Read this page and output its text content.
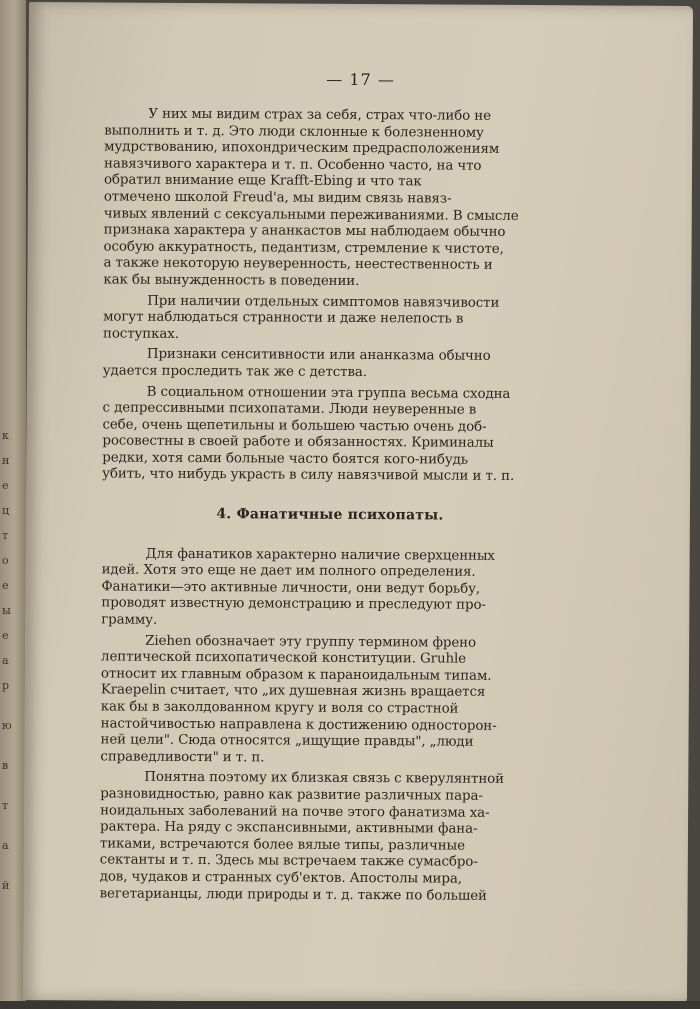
к
н
е
ц
т
о
е
ы
е
а
р
ю
в
т
а
й
— 17 —
У них мы видим страх за себя, страх что-либо не
выполнить и т. д. Это люди склонные к болезненному
мудрствованию, ипохондрическим предрасположениям
навязчивого характера и т. п. Особенно часто, на что
обратил внимание еще Krafft-Ebing и что так
отмечено школой Freud'a, мы видим связь навяз-
чивых явлений с сексуальными переживаниями. В смысле
признака характера у ананкастов мы наблюдаем обычно
особую аккуратность, педантизм, стремление к чистоте,
а также некоторую неуверенность, неестественность и
как бы вынужденность в поведении.
При наличии отдельных симптомов навязчивости
могут наблюдаться странности и даже нелепость в
поступках.
Признаки сенситивности или ананказма обычно
удается проследить так же с детства.
В социальном отношении эта группа весьма сходна
с депрессивными психопатами. Люди неуверенные в
себе, очень щепетильны и большею частью очень доб-
росовестны в своей работе и обязанностях. Криминалы
редки, хотя сами больные часто боятся кого-нибудь
убить, что нибудь украсть в силу навязчивой мысли и т. п.
4. Фанатичные психопаты.
Для фанатиков характерно наличие сверхценных
идей. Хотя это еще не дает им полного определения.
Фанатики—это активные личности, они ведут борьбу,
проводят известную демонстрацию и преследуют про-
грамму.
Ziehen обозначает эту группу термином френо
лептической психопатической конституции. Gruhle
относит их главным образом к параноидальным типам.
Kraepelin считает, что „их душевная жизнь вращается
как бы в заколдованном кругу и воля со страстной
настойчивостью направлена к достижению односторон-
ней цели". Сюда относятся „ищущие правды", „люди
справедливости" и т. п.
Понятна поэтому их близкая связь с кверулянтной
разновидностью, равно как развитие различных пара-
ноидальных заболеваний на почве этого фанатизма ха-
рактера. На ряду с экспансивными, активными фана-
тиками, встречаются более вялые типы, различные
сектанты и т. п. Здесь мы встречаем также сумасбро-
дов, чудаков и странных суб'ектов. Апостолы мира,
вегетарианцы, люди природы и т. д. также по большей
